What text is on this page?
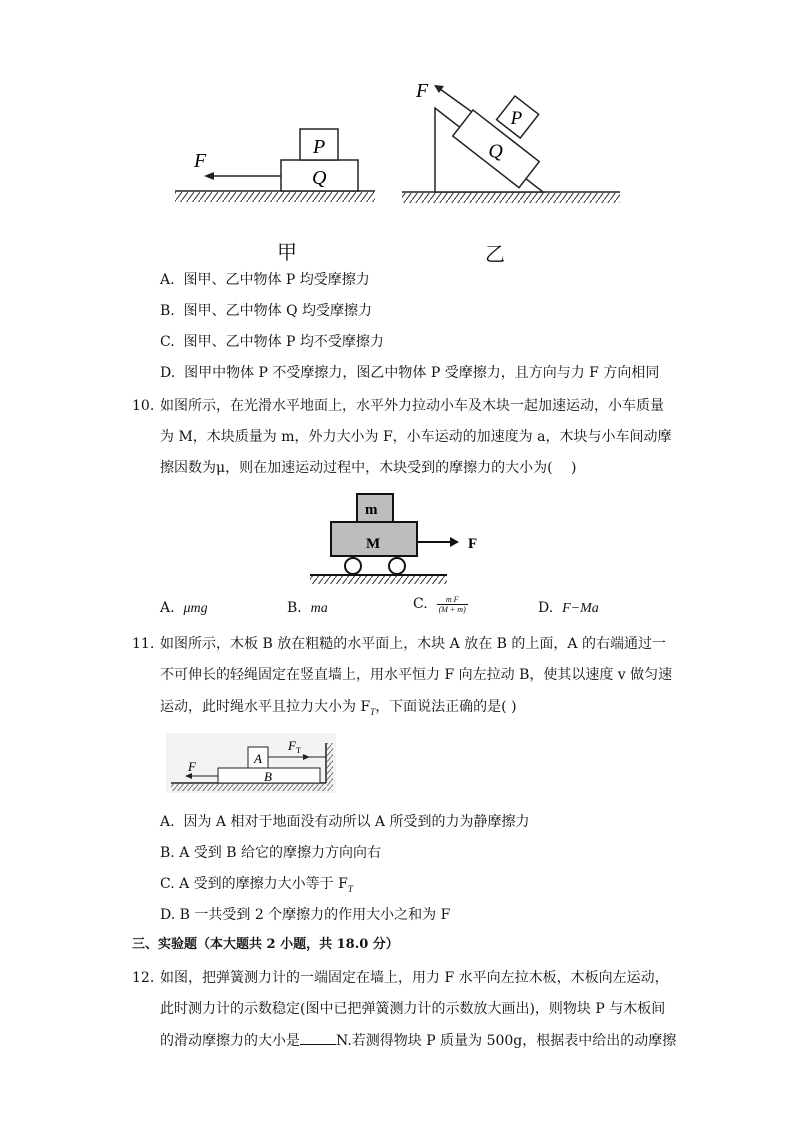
F
P
Q
Q
P
F
甲	乙
A. 图甲、乙中物体 P 均受摩擦力
B. 图甲、乙中物体 Q 均受摩擦力
C. 图甲、乙中物体 P 均不受摩擦力
D. 图甲中物体 P 不受摩擦力，图乙中物体 P 受摩擦力，且方向与力 F 方向相同
10. 如图所示，在光滑水平地面上，水平外力拉动小车及木块一起加速运动，小车质量
为 M，木块质量为 m，外力大小为 F，小车运动的加速度为 a，木块与小车间动摩
擦因数为μ，则在加速运动过程中，木块受到的摩擦力的大小为(　 )
m
M	F
A. μmg	B. ma	C. $\frac{\text{m F}}{(M + m)}$	D. F−Ma
11. 如图所示，木板 B 放在粗糙的水平面上，木块 A 放在 B 的上面，A 的右端通过一
不可伸长的轻绳固定在竖直墙上，用水平恒力 F 向左拉动 B，使其以速度 v 做匀速
运动，此时绳水平且拉力大小为 $F_T$，下面说法正确的是( )
A
B
F
F T
A. 因为 A 相对于地面没有动所以 A 所受到的力为静摩擦力
B. A 受到 B 给它的摩擦力方向向右
C. A 受到的摩擦力大小等于 $F_T$
D. B 一共受到 2 个摩擦力的作用大小之和为 F
三、实验题（本大题共 2 小题，共 18.0 分）
12. 如图，把弹簧测力计的一端固定在墙上，用力 F 水平向左拉木板，木板向左运动，
此时测力计的示数稳定(图中已把弹簧测力计的示数放大画出)，则物块 P 与木板间
的滑动摩擦力的大小是	N.若测得物块 P 质量为 500g，根据表中给出的动摩擦
